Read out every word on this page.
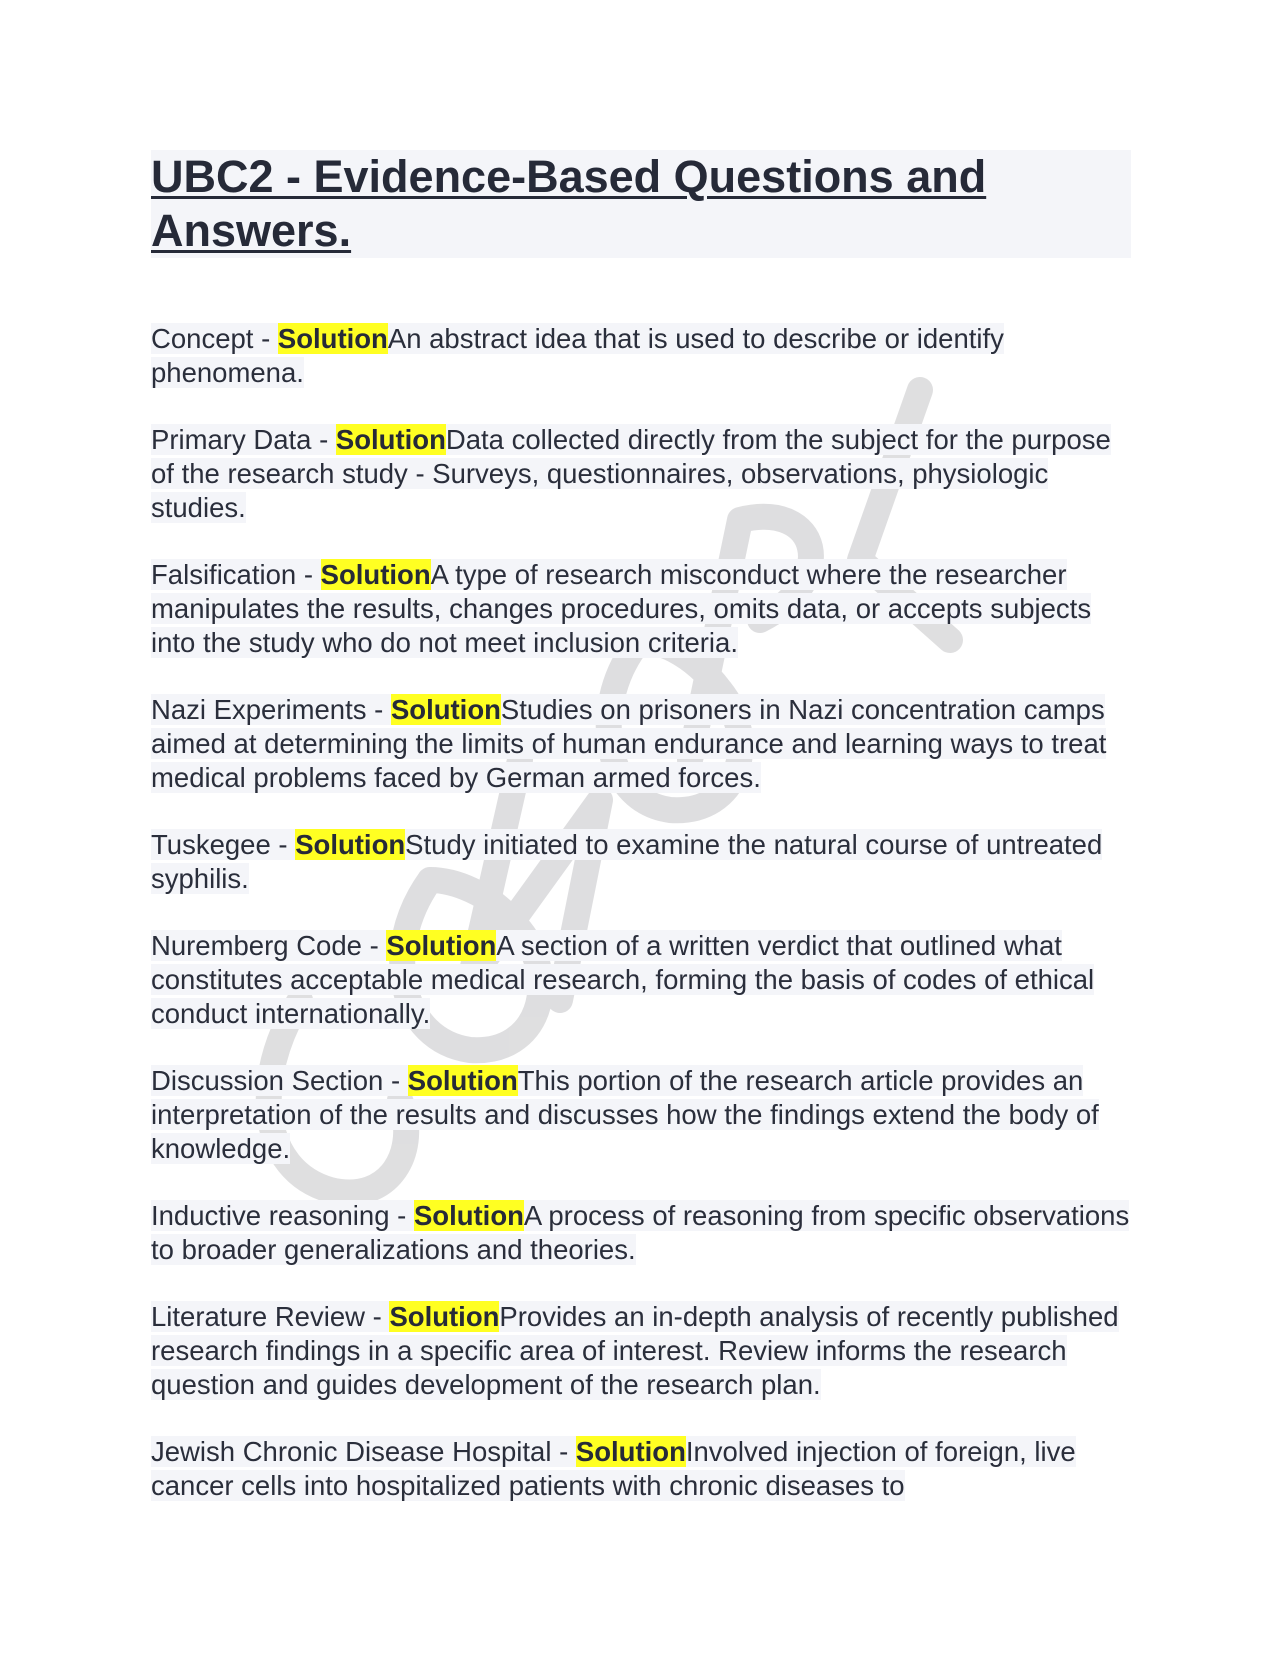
UBC2 - Evidence-Based Questions and Answers.

Concept - SolutionAn abstract idea that is used to describe or identify phenomena.

Primary Data - SolutionData collected directly from the subject for the purpose of the research study - Surveys, questionnaires, observations, physiologic studies.

Falsification - SolutionA type of research misconduct where the researcher manipulates the results, changes procedures, omits data, or accepts subjects into the study who do not meet inclusion criteria.

Nazi Experiments - SolutionStudies on prisoners in Nazi concentration camps aimed at determining the limits of human endurance and learning ways to treat medical problems faced by German armed forces.

Tuskegee - SolutionStudy initiated to examine the natural course of untreated syphilis.

Nuremberg Code - SolutionA section of a written verdict that outlined what constitutes acceptable medical research, forming the basis of codes of ethical conduct internationally.

Discussion Section - SolutionThis portion of the research article provides an interpretation of the results and discusses how the findings extend the body of knowledge.

Inductive reasoning - SolutionA process of reasoning from specific observations to broader generalizations and theories.

Literature Review - SolutionProvides an in-depth analysis of recently published research findings in a specific area of interest. Review informs the research question and guides development of the research plan.

Jewish Chronic Disease Hospital - SolutionInvolved injection of foreign, live cancer cells into hospitalized patients with chronic diseases to
